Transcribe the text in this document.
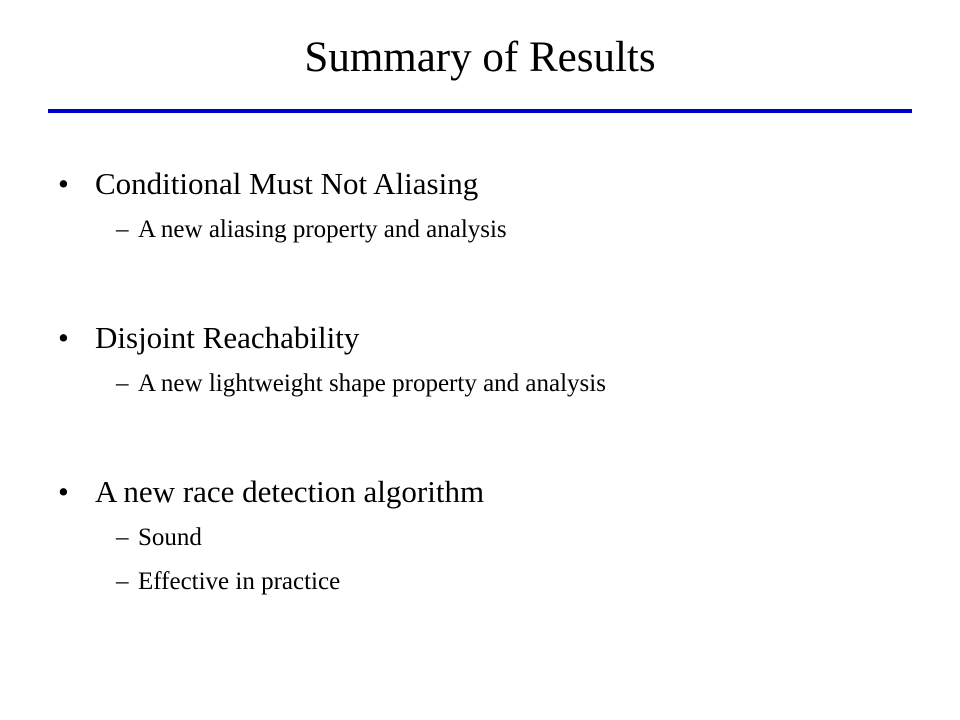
Summary of Results
• Conditional Must Not Aliasing
– A new aliasing property and analysis
• Disjoint Reachability
– A new lightweight shape property and analysis
• A new race detection algorithm
– Sound
– Effective in practice
